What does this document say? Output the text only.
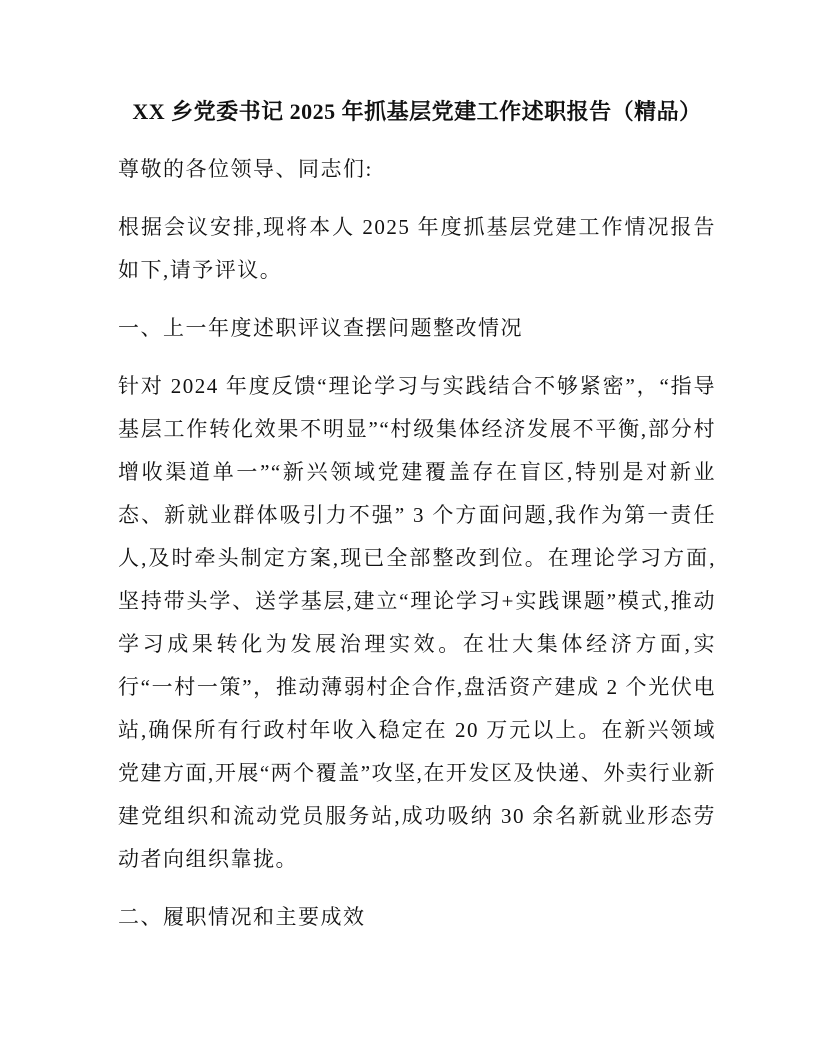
XX 乡党委书记 2025 年抓基层党建工作述职报告（精品）

尊敬的各位领导、同志们:

根据会议安排,现将本人 2025 年度抓基层党建工作情况报告如下,请予评议。

一、上一年度述职评议查摆问题整改情况

针对 2024 年度反馈“理论学习与实践结合不够紧密”，“指导基层工作转化效果不明显”“村级集体经济发展不平衡,部分村增收渠道单一”“新兴领域党建覆盖存在盲区,特别是对新业态、新就业群体吸引力不强” 3 个方面问题,我作为第一责任人,及时牵头制定方案,现已全部整改到位。在理论学习方面,坚持带头学、送学基层,建立“理论学习+实践课题”模式,推动学习成果转化为发展治理实效。在壮大集体经济方面,实行“一村一策”，推动薄弱村企合作,盘活资产建成 2 个光伏电站,确保所有行政村年收入稳定在 20 万元以上。在新兴领域党建方面,开展“两个覆盖”攻坚,在开发区及快递、外卖行业新建党组织和流动党员服务站,成功吸纳 30 余名新就业形态劳动者向组织靠拢。

二、履职情况和主要成效
